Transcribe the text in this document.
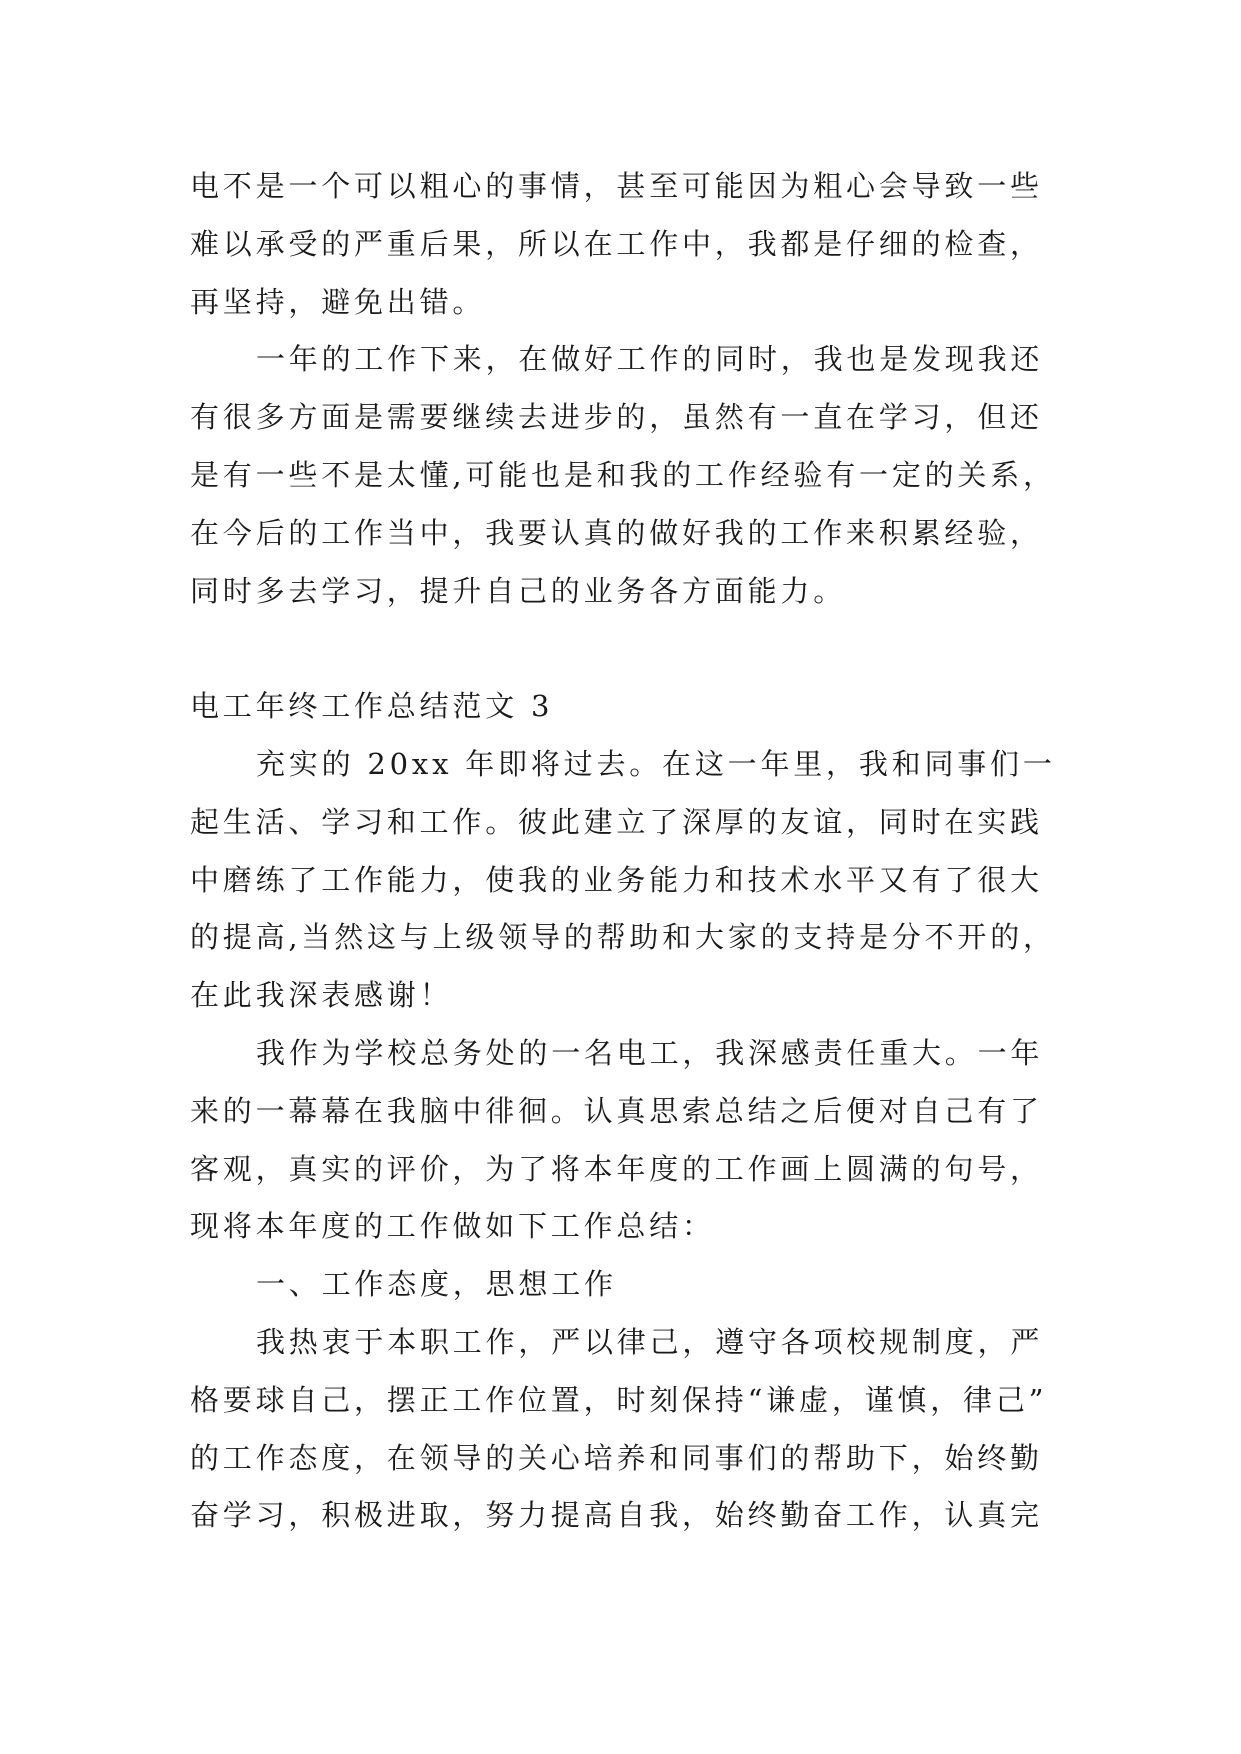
电不是一个可以粗心的事情，甚至可能因为粗心会导致一些
难以承受的严重后果，所以在工作中，我都是仔细的检查，
再坚持，避免出错。
一年的工作下来，在做好工作的同时，我也是发现我还
有很多方面是需要继续去进步的，虽然有一直在学习，但还
是有一些不是太懂,可能也是和我的工作经验有一定的关系，
在今后的工作当中，我要认真的做好我的工作来积累经验，
同时多去学习，提升自己的业务各方面能力。
电工年终工作总结范文 3
充实的 20xx 年即将过去。在这一年里，我和同事们一
起生活、学习和工作。彼此建立了深厚的友谊，同时在实践
中磨练了工作能力，使我的业务能力和技术水平又有了很大
的提高,当然这与上级领导的帮助和大家的支持是分不开的，
在此我深表感谢！
我作为学校总务处的一名电工，我深感责任重大。一年
来的一幕幕在我脑中徘徊。认真思索总结之后便对自己有了
客观，真实的评价，为了将本年度的工作画上圆满的句号，
现将本年度的工作做如下工作总结：
一、工作态度，思想工作
我热衷于本职工作，严以律己，遵守各项校规制度，严
格要球自己，摆正工作位置，时刻保持“谦虚，谨慎，律己”
的工作态度，在领导的关心培养和同事们的帮助下，始终勤
奋学习，积极进取，努力提高自我，始终勤奋工作，认真完
